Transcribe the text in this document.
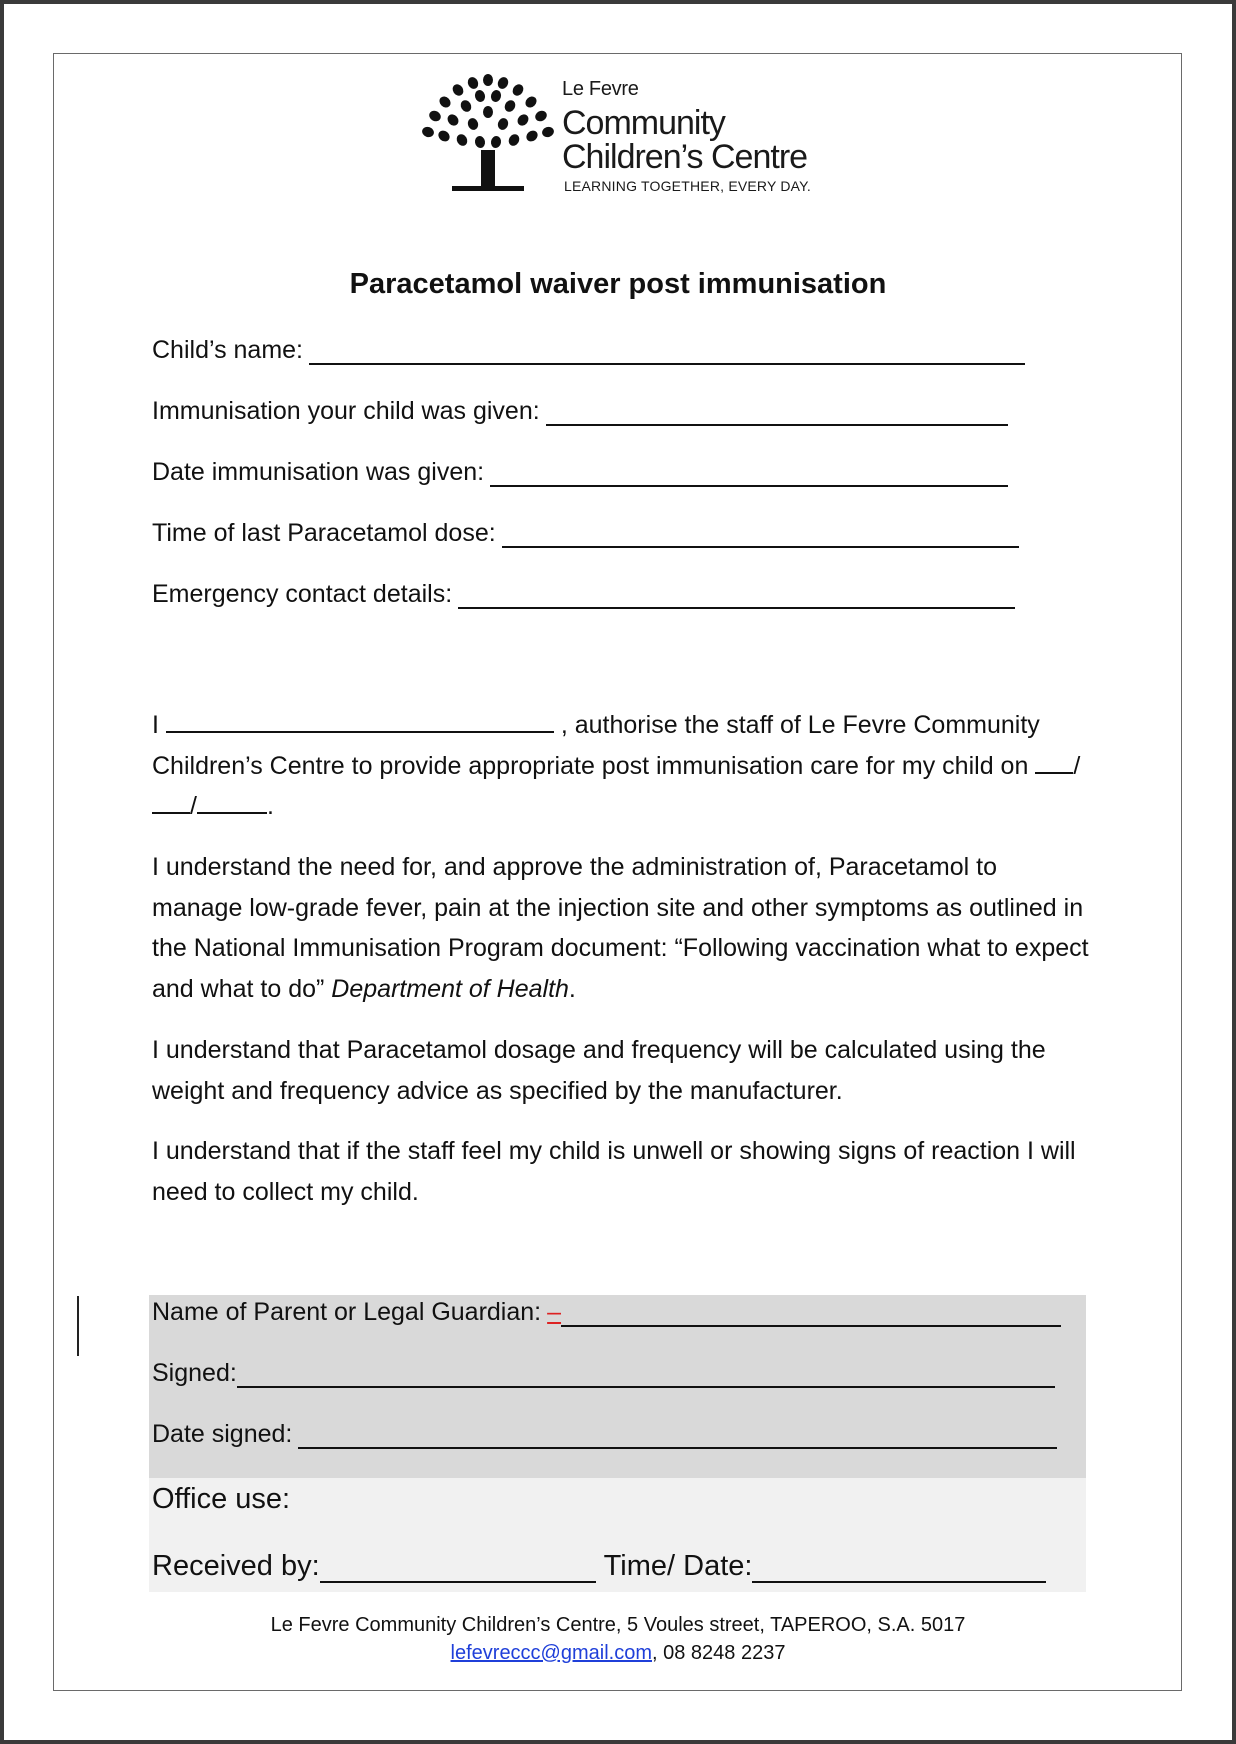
Le Fevre
Community
Children’s Centre
LEARNING TOGETHER, EVERY DAY.
Paracetamol waiver post immunisation
Child’s name:
Immunisation your child was given:
Date immunisation was given:
Time of last Paracetamol dose:
Emergency contact details:
I	, authorise the staff of Le Fevre Community Children’s Centre to provide appropriate post immunisation care for my child on //	.
I understand the need for, and approve the administration of, Paracetamol to manage low-grade fever, pain at the injection site and other symptoms as outlined in the National Immunisation Program document: “Following vaccination what to expect and what to do” Department of Health.
I understand that Paracetamol dosage and frequency will be calculated using the weight and frequency advice as specified by the manufacturer.
I understand that if the staff feel my child is unwell or showing signs of reaction I will need to collect my child.
Name of Parent or Legal Guardian: –
Signed:
Date signed:
Office use:
Received by:	Time/ Date:
Le Fevre Community Children’s Centre, 5 Voules street, TAPEROO, S.A. 5017
lefevreccc@gmail.com, 08 8248 2237
